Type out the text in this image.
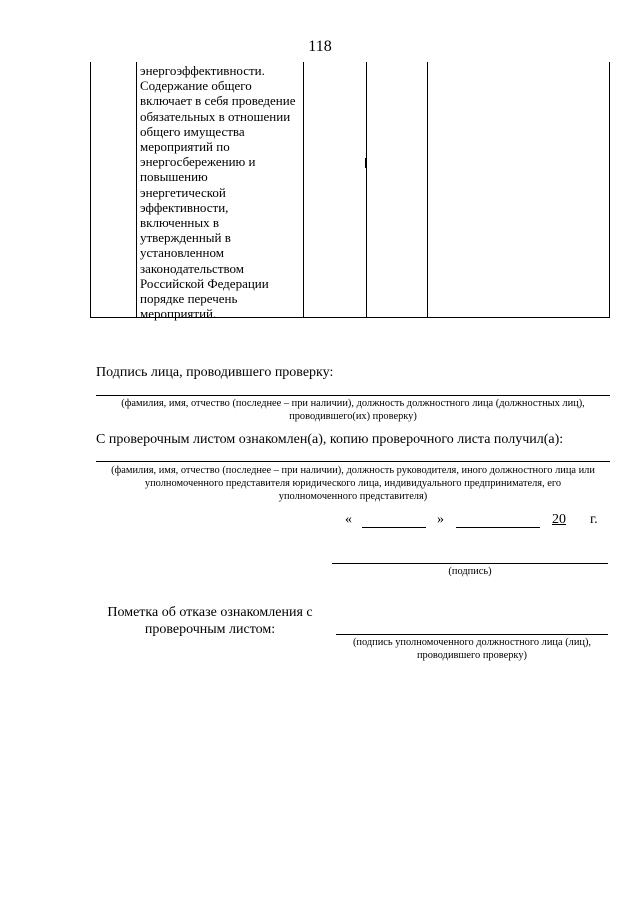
118
энергоэффективности.
Содержание общего
включает в себя проведение
обязательных в отношении
общего имущества
мероприятий по
энергосбережению и
повышению
энергетической
эффективности,
включенных в
утвержденный в
установленном
законодательством
Российской Федерации
порядке перечень
мероприятий.
Подпись лица, проводившего проверку:
(фамилия, имя, отчество (последнее – при наличии), должность должностного лица (должностных лиц),
проводившего(их) проверку)
С проверочным листом ознакомлен(а), копию проверочного листа получил(а):
(фамилия, имя, отчество (последнее – при наличии), должность руководителя, иного должностного лица или
уполномоченного представителя юридического лица, индивидуального предпринимателя, его
уполномоченного представителя)
«	»	20	г.
(подпись)
Пометка об отказе ознакомления с
проверочным листом:
(подпись уполномоченного должностного лица (лиц),
проводившего проверку)
